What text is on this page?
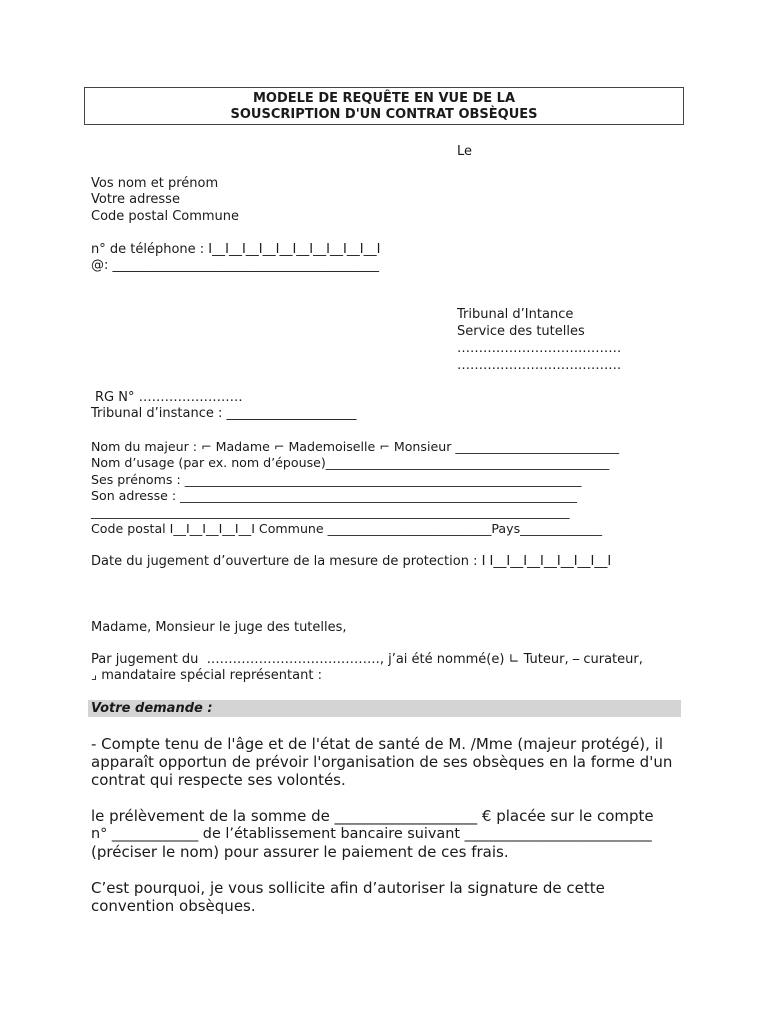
MODELE DE REQUÊTE EN VUE DE LA
SOUSCRIPTION D'UN CONTRAT OBSÈQUES
Le
Vos nom et prénom
Votre adresse
Code postal Commune
n° de téléphone : I__I__I__I__I__I__I__I__I__I__I
@: _________________________________________
Tribunal d’Intance
Service des tutelles
……….……………….………
……….……………….………
RG N° ……………………
Tribunal d’instance : ____________________
Nom du majeur : ⌐ Madame ⌐ Mademoiselle ⌐ Monsieur __________________________
Nom d’usage (par ex. nom d’épouse)_____________________________________________
Ses prénoms : _______________________________________________________________
Son adresse : _______________________________________________________________
____________________________________________________________________________
Code postal I__I__I__I__I__I Commune __________________________Pays_____________
Date du jugement d’ouverture de la mesure de protection : I I__I__I__I__I__I__I__I
Madame, Monsieur le juge des tutelles,
Par jugement du  …………………………………., j’ai été nommé(e) ∟ Tuteur, ⎯ curateur,
⌟ mandataire spécial représentant :
Votre demande :
- Compte tenu de l'âge et de l'état de santé de M. /Mme (majeur protégé), il
apparaît opportun de prévoir l'organisation de ses obsèques en la forme d'un
contrat qui respecte ses volontés.
le prélèvement de la somme de ___________________ € placée sur le compte
n° ____________ de l’établissement bancaire suivant __________________________
(préciser le nom) pour assurer le paiement de ces frais.
C’est pourquoi, je vous sollicite afin d’autoriser la signature de cette
convention obsèques.
